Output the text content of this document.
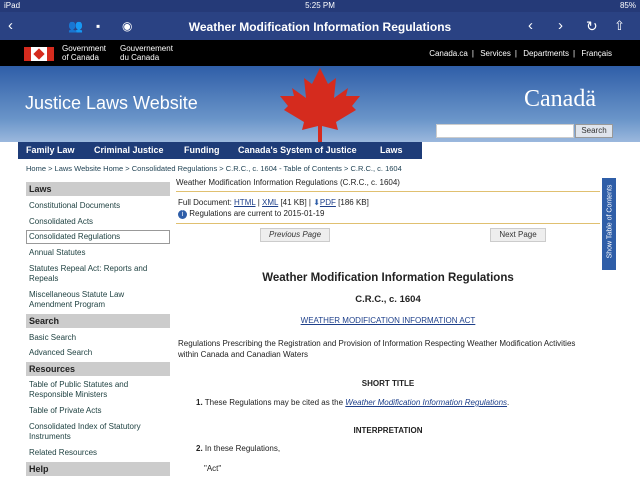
iPad	5:25 PM	85%
‹	👥 ▪ ◉	Weather Modification Information Regulations	‹ › ↻ ⇧
Government
of Canada
Gouvernement
du Canada	Canada.ca | Services | Departments | Français
Justice Laws Website	Canadä
Search
Family Law Criminal Justice Funding Canada's System of Justice	Laws
Home > Laws Website Home > Consolidated Regulations > C.R.C., c. 1604 - Table of Contents > C.R.C., c. 1604
Laws
Constitutional Documents
Consolidated Acts
Consolidated Regulations
Annual Statutes
Statutes Repeal Act: Reports and Repeals
Miscellaneous Statute Law Amendment Program
Search
Basic Search
Advanced Search
Resources
Table of Public Statutes and Responsible Ministers
Table of Private Acts
Consolidated Index of Statutory Instruments
Related Resources
Help
Weather Modification Information Regulations (C.R.C., c. 1604)
Full Document: HTML | XML [41 KB] | ⬇PDF [186 KB]
i Regulations are current to 2015-01-19
Previous Page	Next Page
Weather Modification Information Regulations
C.R.C., c. 1604
WEATHER MODIFICATION INFORMATION ACT
Regulations Prescribing the Registration and Provision of Information Respecting Weather Modification Activities within Canada and Canadian Waters
SHORT TITLE
1. These Regulations may be cited as the Weather Modification Information Regulations.
INTERPRETATION
2. In these Regulations,
"Act"
Show Table of Contents
